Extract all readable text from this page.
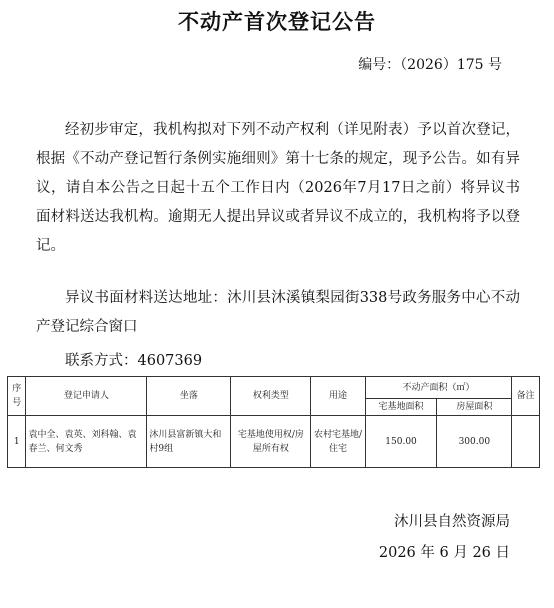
不动产首次登记公告
编号：（2026）175 号
经初步审定，我机构拟对下列不动产权利（详见附表）予以首次登记，根据《不动产登记暂行条例实施细则》第十七条的规定，现予公告。如有异议，请自本公告之日起十五个工作日内（2026年7月17日之前）将异议书面材料送达我机构。逾期无人提出异议或者异议不成立的，我机构将予以登记。
异议书面材料送达地址：沐川县沐溪镇梨园街338号政务服务中心不动产登记综合窗口
联系方式：4607369
序号	登记申请人	坐落	权利类型	用途	不动产面积（㎡）		备注
					宅基地面积	房屋面积	
1	袁中全、袁英、刘科翰、袁春兰、何文秀	沐川县富新镇大和村9组	宅基地使用权/房屋所有权	农村宅基地/住宅	150.00	300.00	
沐川县自然资源局
2026 年 6 月 26 日
